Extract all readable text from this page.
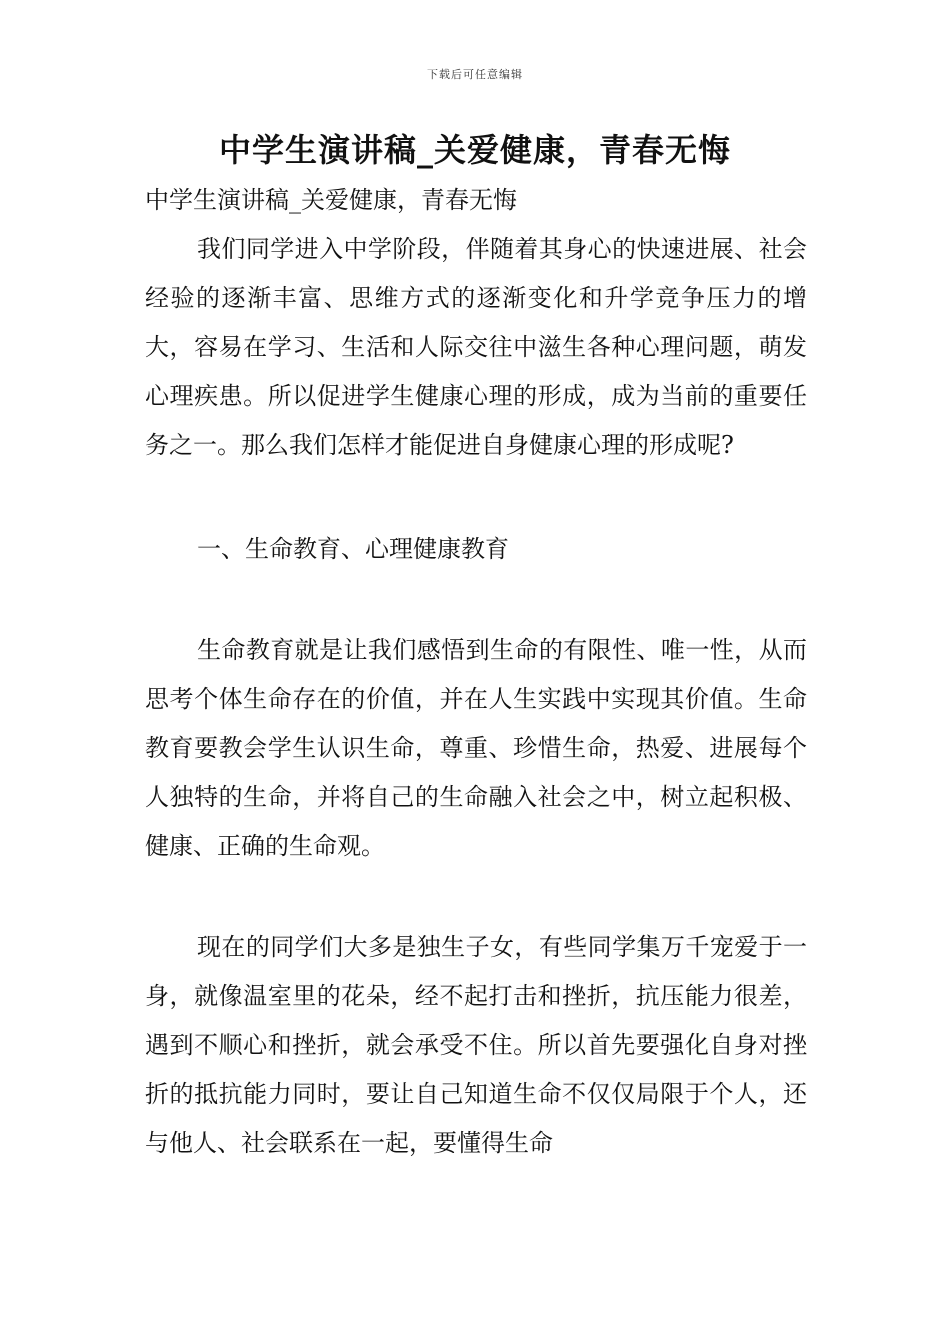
下载后可任意编辑
中学生演讲稿_关爱健康，青春无悔

中学生演讲稿_关爱健康，青春无悔

我们同学进入中学阶段，伴随着其身心的快速进展、社会经验的逐渐丰富、思维方式的逐渐变化和升学竞争压力的增大，容易在学习、生活和人际交往中滋生各种心理问题，萌发心理疾患。所以促进学生健康心理的形成，成为当前的重要任务之一。那么我们怎样才能促进自身健康心理的形成呢?

一、生命教育、心理健康教育

生命教育就是让我们感悟到生命的有限性、唯一性，从而思考个体生命存在的价值，并在人生实践中实现其价值。生命教育要教会学生认识生命，尊重、珍惜生命，热爱、进展每个人独特的生命，并将自己的生命融入社会之中，树立起积极、健康、正确的生命观。

现在的同学们大多是独生子女，有些同学集万千宠爱于一身，就像温室里的花朵，经不起打击和挫折，抗压能力很差，遇到不顺心和挫折，就会承受不住。所以首先要强化自身对挫折的抵抗能力同时，要让自己知道生命不仅仅局限于个人，还与他人、社会联系在一起，要懂得生命
